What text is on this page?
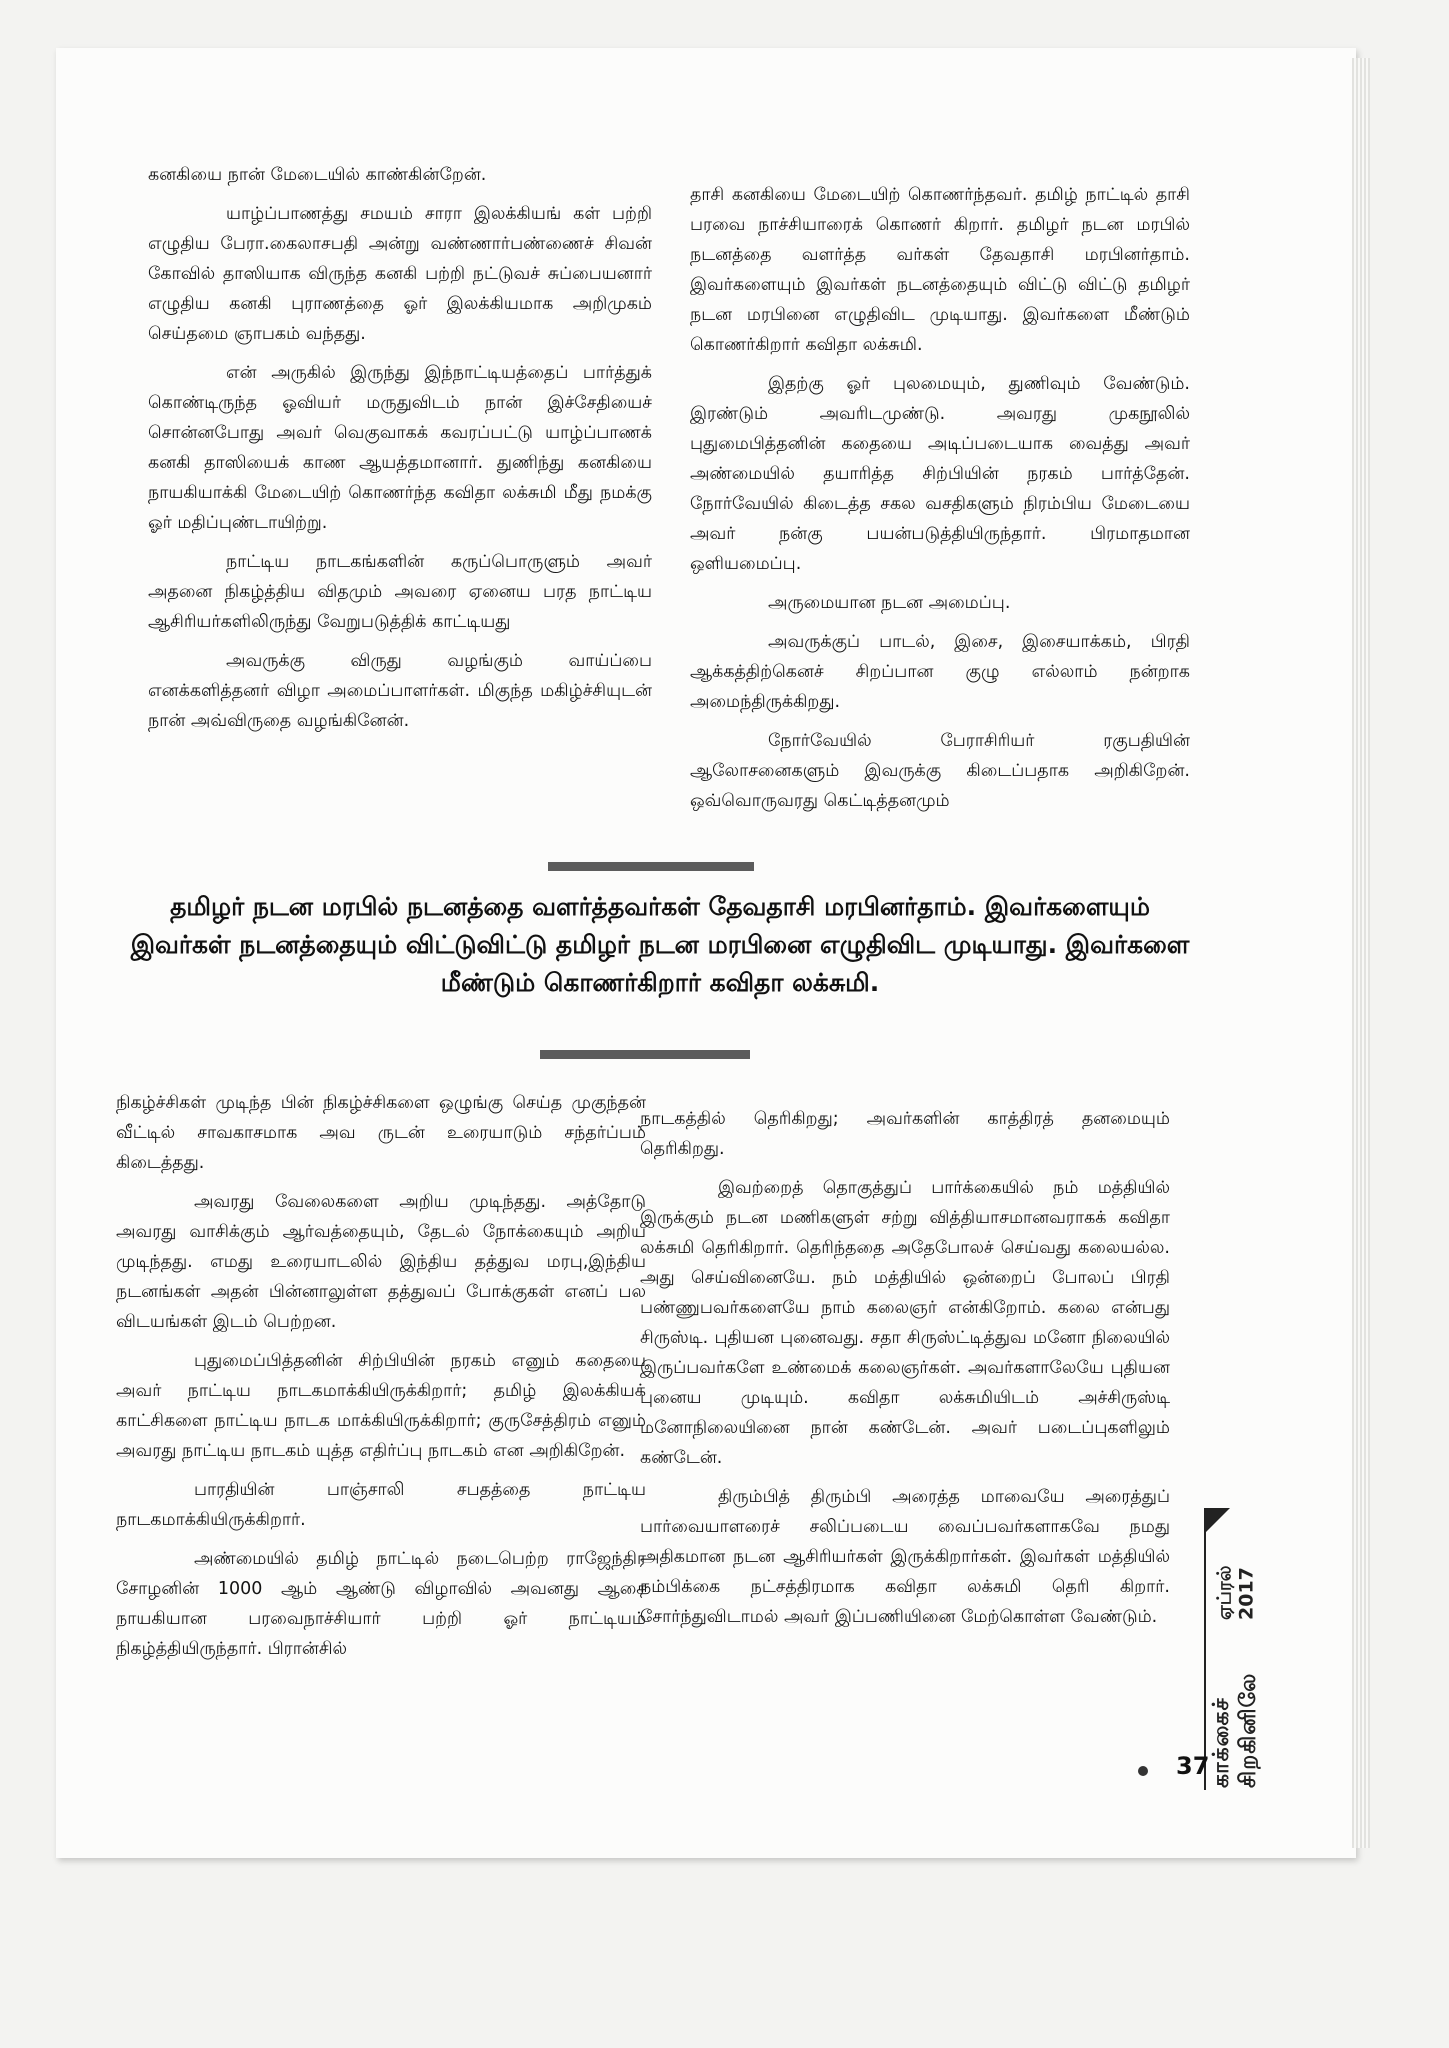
கனகியை நான் மேடையில் காண்கின்றேன்.

யாழ்ப்பாணத்து சமயம் சாரா இலக்கியங் கள் பற்றி எழுதிய பேரா.கைலாசபதி அன்று வண்ணார்பண்ணைச் சிவன் கோவில் தாஸியாக விருந்த கனகி பற்றி நட்டுவச் சுப்பையனார் எழுதிய கனகி புராணத்தை ஓர் இலக்கியமாக அறிமுகம் செய்தமை ஞாபகம் வந்தது.

என் அருகில் இருந்து இந்நாட்டியத்தைப் பார்த்துக் கொண்டிருந்த ஓவியர் மருதுவிடம் நான் இச்சேதியைச் சொன்னபோது அவர் வெகுவாகக் கவரப்பட்டு யாழ்ப்பாணக் கனகி தாஸியைக் காண ஆயத்தமானார். துணிந்து கனகியை நாயகியாக்கி மேடையிற் கொணர்ந்த கவிதா லக்சுமி மீது நமக்கு ஓர் மதிப்புண்டாயிற்று.

நாட்டிய நாடகங்களின் கருப்பொருளும் அவர் அதனை நிகழ்த்திய விதமும் அவரை ஏனைய பரத நாட்டிய ஆசிரியர்களிலிருந்து வேறுபடுத்திக் காட்டியது

அவருக்கு விருது வழங்கும் வாய்ப்பை எனக்களித்தனர் விழா அமைப்பாளர்கள். மிகுந்த மகிழ்ச்சியுடன் நான் அவ்விருதை வழங்கினேன்.

தாசி கனகியை மேடையிற் கொணர்ந்தவர். தமிழ் நாட்டில் தாசி பரவை நாச்சியாரைக் கொணர் கிறார். தமிழர் நடன மரபில் நடனத்தை வளர்த்த வர்கள் தேவதாசி மரபினர்தாம். இவர்களையும் இவர்கள் நடனத்தையும் விட்டு விட்டு தமிழர் நடன மரபினை எழுதிவிட முடியாது. இவர்களை மீண்டும் கொணர்கிறார் கவிதா லக்சுமி.

இதற்கு ஓர் புலமையும், துணிவும் வேண்டும். இரண்டும் அவரிடமுண்டு. அவரது முகநூலில் புதுமைபித்தனின் கதையை அடிப்படையாக வைத்து அவர் அண்மையில் தயாரித்த சிற்பியின் நரகம் பார்த்தேன். நோர்வேயில் கிடைத்த சகல வசதிகளும் நிரம்பிய மேடையை அவர் நன்கு பயன்படுத்தியிருந்தார். பிரமாதமான ஒளியமைப்பு.

அருமையான நடன அமைப்பு.

அவருக்குப் பாடல், இசை, இசையாக்கம், பிரதி ஆக்கத்திற்கெனச் சிறப்பான குழு எல்லாம் நன்றாக அமைந்திருக்கிறது.

நோர்வேயில் பேராசிரியர் ரகுபதியின் ஆலோசனைகளும் இவருக்கு கிடைப்பதாக அறிகிறேன். ஒவ்வொருவரது கெட்டித்தனமும்

தமிழர் நடன மரபில் நடனத்தை வளர்த்தவர்கள் தேவதாசி மரபினர்தாம். இவர்களையும் இவர்கள் நடனத்தையும் விட்டுவிட்டு தமிழர் நடன மரபினை எழுதிவிட முடியாது. இவர்களை மீண்டும் கொணர்கிறார் கவிதா லக்சுமி.

நிகழ்ச்சிகள் முடிந்த பின் நிகழ்ச்சிகளை ஒழுங்கு செய்த முகுந்தன் வீட்டில் சாவகாசமாக அவ ருடன் உரையாடும் சந்தர்ப்பம் கிடைத்தது.

அவரது வேலைகளை அறிய முடிந்தது. அத்தோடு அவரது வாசிக்கும் ஆர்வத்தையும், தேடல் நோக்கையும் அறிய முடிந்தது. எமது உரையாடலில் இந்திய தத்துவ மரபு,இந்திய நடனங்கள் அதன் பின்னாலுள்ள தத்துவப் போக்குகள் எனப் பல விடயங்கள் இடம் பெற்றன.

புதுமைப்பித்தனின் சிற்பியின் நரகம் எனும் கதையை அவர் நாட்டிய நாடகமாக்கியிருக்கிறார்; தமிழ் இலக்கியக் காட்சிகளை நாட்டிய நாடக மாக்கியிருக்கிறார்; குருசேத்திரம் எனும் அவரது நாட்டிய நாடகம் யுத்த எதிர்ப்பு நாடகம் என அறிகிறேன்.

பாரதியின் பாஞ்சாலி சபதத்தை நாட்டிய நாடகமாக்கியிருக்கிறார்.

அண்மையில் தமிழ் நாட்டில் நடைபெற்ற ராஜேந்திர சோழனின் 1000 ஆம் ஆண்டு விழாவில் அவனது ஆசை நாயகியான பரவைநாச்சியார் பற்றி ஓர் நாட்டியம் நிகழ்த்தியிருந்தார். பிரான்சில்

நாடகத்தில் தெரிகிறது; அவர்களின் காத்திரத் தனமையும் தெரிகிறது.

இவற்றைத் தொகுத்துப் பார்க்கையில் நம் மத்தியில் இருக்கும் நடன மணிகளுள் சற்று வித்தியாசமானவராகக் கவிதா லக்சுமி தெரிகிறார். தெரிந்ததை அதேபோலச் செய்வது கலையல்ல. அது செய்வினையே. நம் மத்தியில் ஒன்றைப் போலப் பிரதி பண்ணுபவர்களையே நாம் கலைஞர் என்கிறோம். கலை என்பது சிருஸ்டி. புதியன புனைவது. சதா சிருஸ்ட்டித்துவ மனோ நிலையில் இருப்பவர்களே உண்மைக் கலைஞர்கள். அவர்களாலேயே புதியன புனைய முடியும். கவிதா லக்சுமியிடம் அச்சிருஸ்டி மனோநிலையினை நான் கண்டேன். அவர் படைப்புகளிலும் கண்டேன்.

திரும்பித் திரும்பி அரைத்த மாவையே அரைத்துப் பார்வையாளரைச் சலிப்படைய வைப்பவர்களாகவே நமது அதிகமான நடன ஆசிரியர்கள் இருக்கிறார்கள். இவர்கள் மத்தியில் நம்பிக்கை நட்சத்திரமாக கவிதா லக்சுமி தெரி கிறார். சோர்ந்துவிடாமல் அவர் இப்பணியினை மேற்கொள்ள வேண்டும்.

காக்கைச் சிறகினிலே
ஏப்ரல் 2017
37
